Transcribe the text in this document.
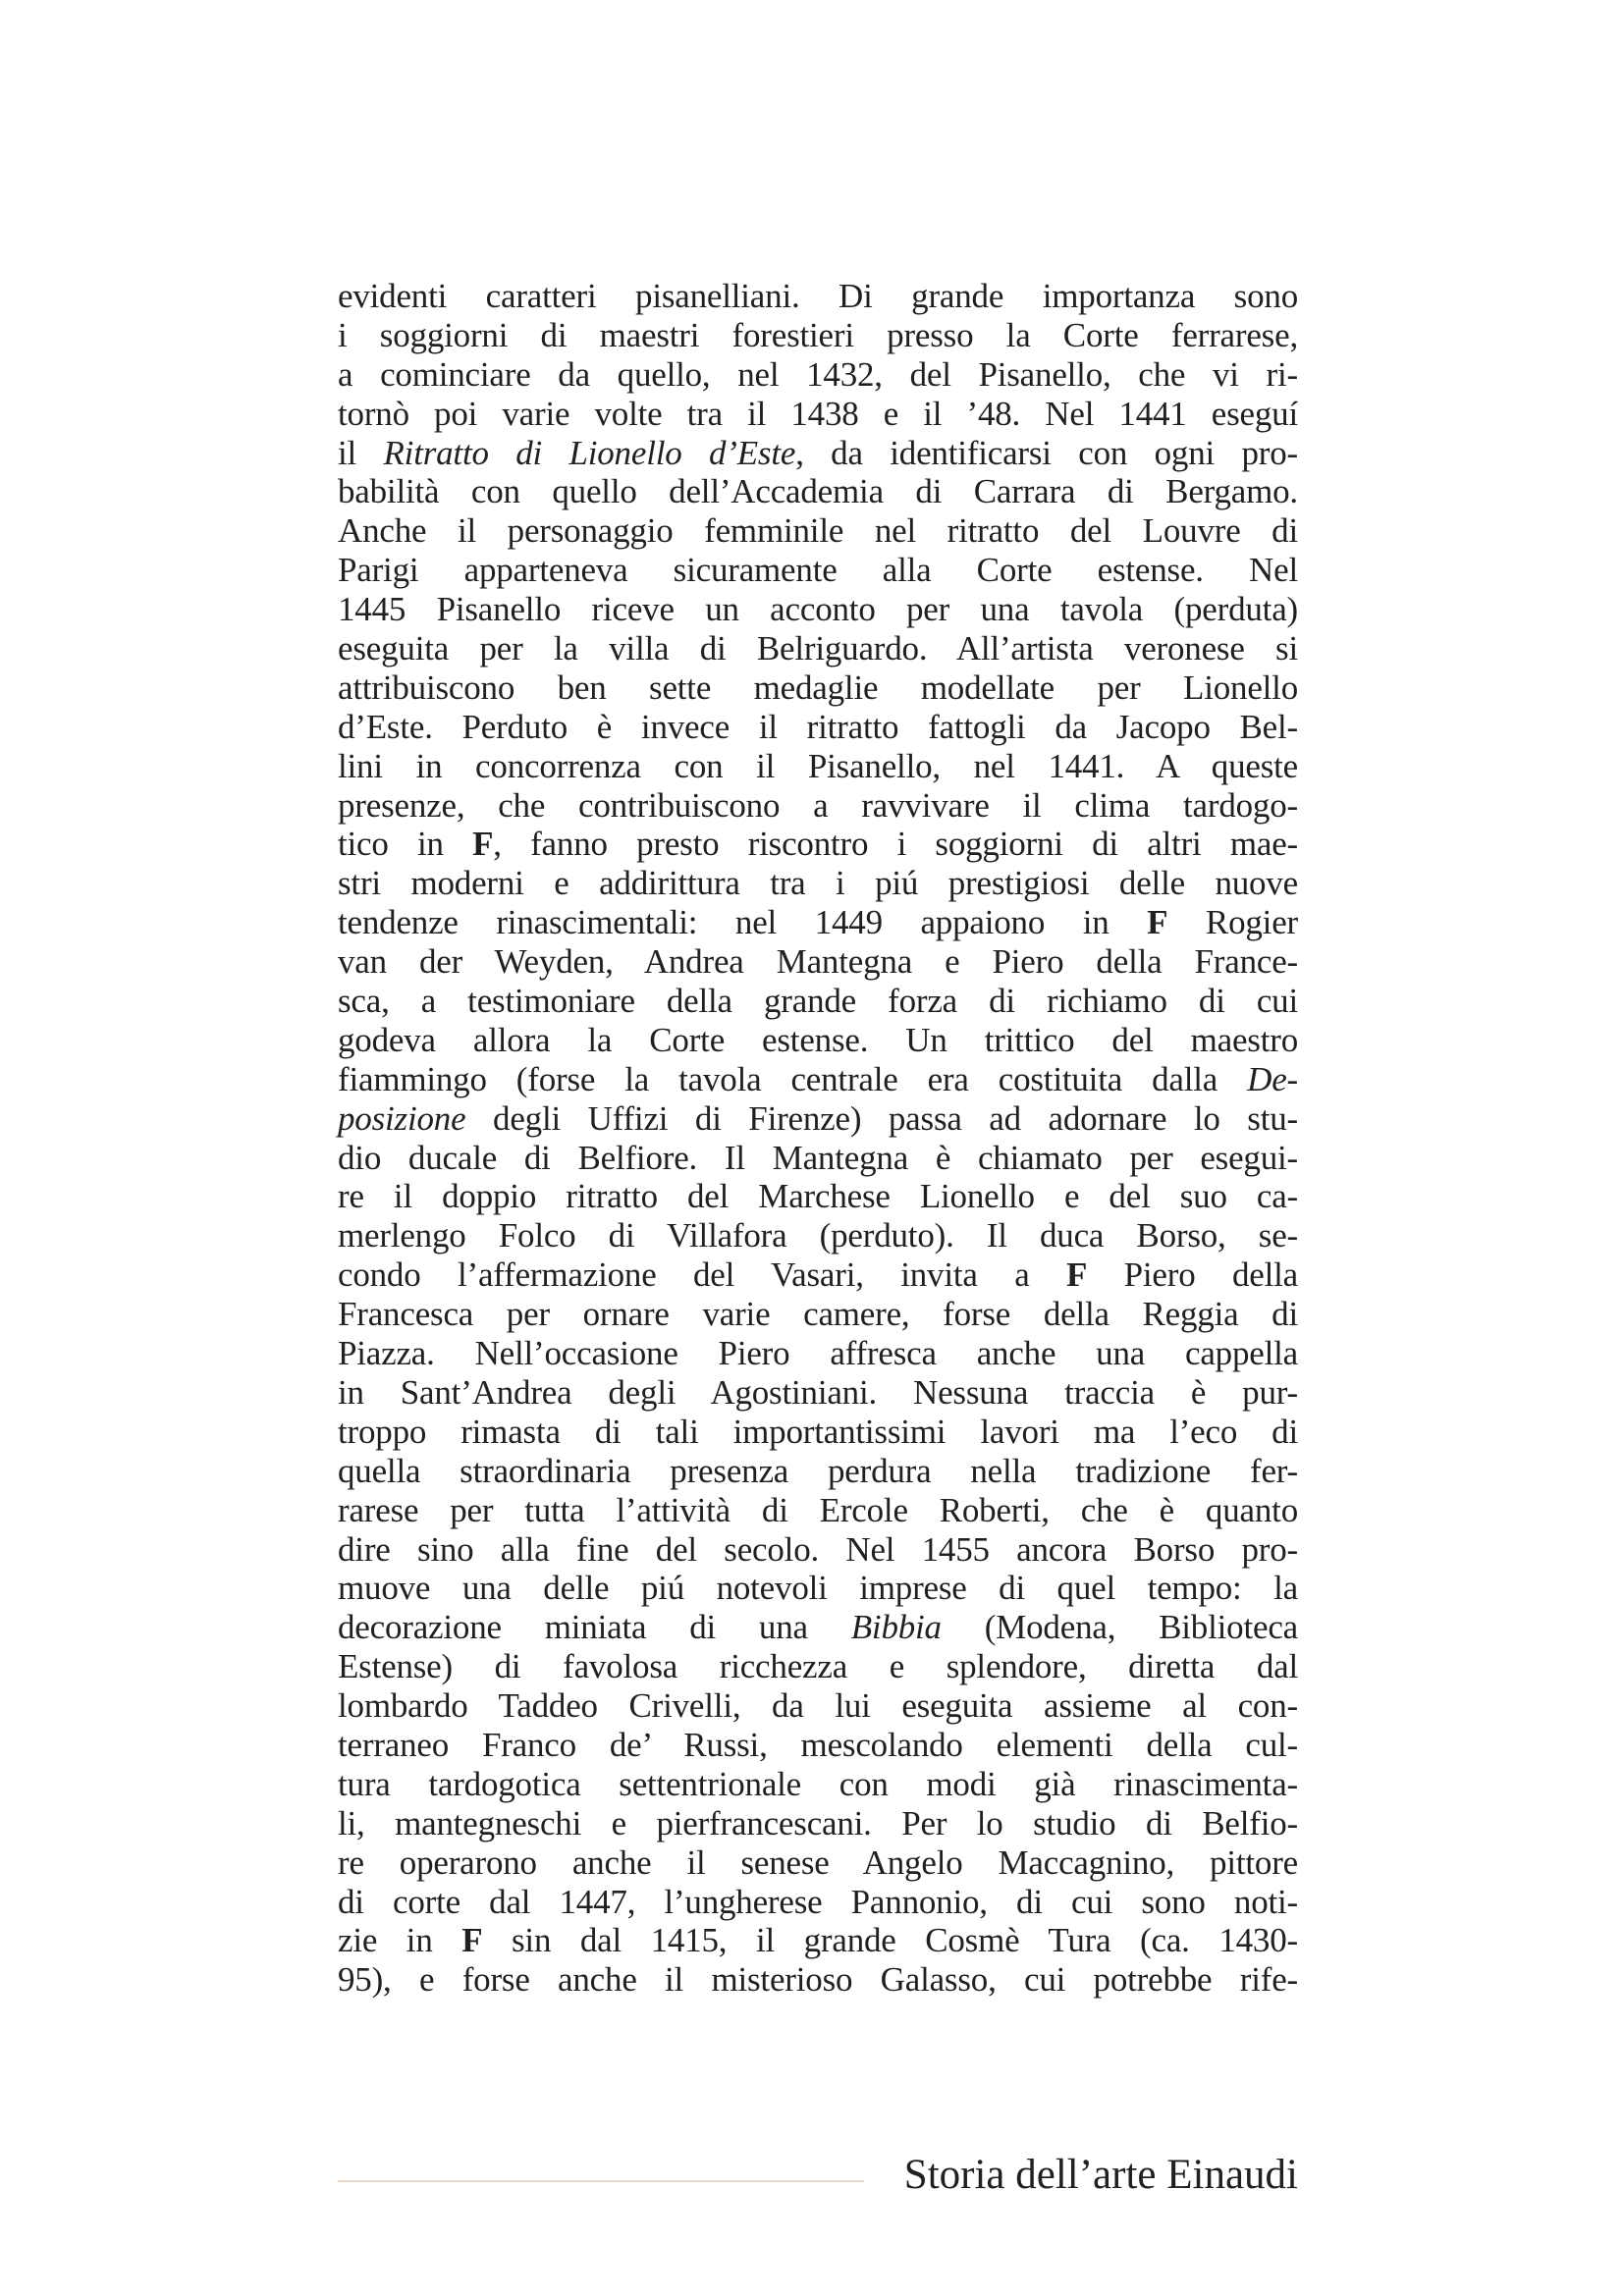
evidenti caratteri pisanelliani. Di grande importanza sono
i soggiorni di maestri forestieri presso la Corte ferrarese,
a cominciare da quello, nel 1432, del Pisanello, che vi ri-
tornò poi varie volte tra il 1438 e il ’48. Nel 1441 eseguí
il Ritratto di Lionello d’Este, da identificarsi con ogni pro-
babilità con quello dell’Accademia di Carrara di Bergamo.
Anche il personaggio femminile nel ritratto del Louvre di
Parigi apparteneva sicuramente alla Corte estense. Nel
1445 Pisanello riceve un acconto per una tavola (perduta)
eseguita per la villa di Belriguardo. All’artista veronese si
attribuiscono ben sette medaglie modellate per Lionello
d’Este. Perduto è invece il ritratto fattogli da Jacopo Bel-
lini in concorrenza con il Pisanello, nel 1441. A queste
presenze, che contribuiscono a ravvivare il clima tardogo-
tico in F, fanno presto riscontro i soggiorni di altri mae-
stri moderni e addirittura tra i piú prestigiosi delle nuove
tendenze rinascimentali: nel 1449 appaiono in F Rogier
van der Weyden, Andrea Mantegna e Piero della France-
sca, a testimoniare della grande forza di richiamo di cui
godeva allora la Corte estense. Un trittico del maestro
fiammingo (forse la tavola centrale era costituita dalla De-
posizione degli Uffizi di Firenze) passa ad adornare lo stu-
dio ducale di Belfiore. Il Mantegna è chiamato per esegui-
re il doppio ritratto del Marchese Lionello e del suo ca-
merlengo Folco di Villafora (perduto). Il duca Borso, se-
condo l’affermazione del Vasari, invita a F Piero della
Francesca per ornare varie camere, forse della Reggia di
Piazza. Nell’occasione Piero affresca anche una cappella
in Sant’Andrea degli Agostiniani. Nessuna traccia è pur-
troppo rimasta di tali importantissimi lavori ma l’eco di
quella straordinaria presenza perdura nella tradizione fer-
rarese per tutta l’attività di Ercole Roberti, che è quanto
dire sino alla fine del secolo. Nel 1455 ancora Borso pro-
muove una delle piú notevoli imprese di quel tempo: la
decorazione miniata di una Bibbia (Modena, Biblioteca
Estense) di favolosa ricchezza e splendore, diretta dal
lombardo Taddeo Crivelli, da lui eseguita assieme al con-
terraneo Franco de’ Russi, mescolando elementi della cul-
tura tardogotica settentrionale con modi già rinascimenta-
li, mantegneschi e pierfrancescani. Per lo studio di Belfio-
re operarono anche il senese Angelo Maccagnino, pittore
di corte dal 1447, l’ungherese Pannonio, di cui sono noti-
zie in F sin dal 1415, il grande Cosmè Tura (ca. 1430-
95), e forse anche il misterioso Galasso, cui potrebbe rife-
Storia dell’arte Einaudi
